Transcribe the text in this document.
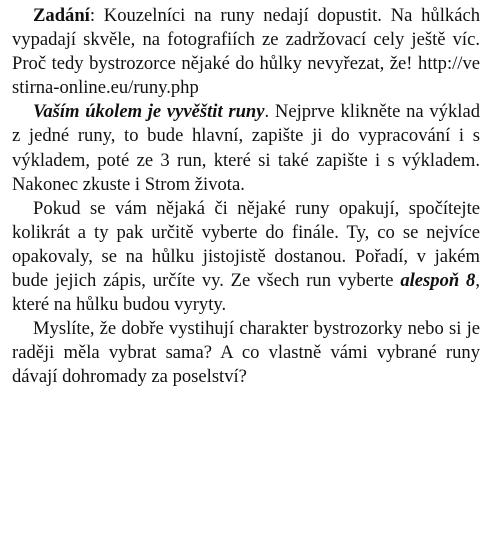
Zadání: Kouzelníci na runy nedají dopustit. Na hůlkách vypadají skvěle, na fotografiích ze zadržovací cely ještě víc. Proč tedy bystrozorce nějaké do hůlky nevyřezat, že! http://vestirna-online.eu/runy.php

Vaším úkolem je vyvěštit runy. Nejprve klikněte na výklad z jedné runy, to bude hlavní, zapište ji do vypracování i s výkladem, poté ze 3 run, které si také zapište i s výkladem. Nakonec zkuste i Strom života.

Pokud se vám nějaká či nějaké runy opakují, spočítejte kolikrát a ty pak určitě vyberte do finále. Ty, co se nejvíce opakovaly, se na hůlku jistojistě dostanou. Pořadí, v jakém bude jejich zápis, určíte vy. Ze všech run vyberte alespoň 8, které na hůlku budou vyryty.

Myslíte, že dobře vystihují charakter bystrozorky nebo si je raději měla vybrat sama? A co vlastně vámi vybrané runy dávají dohromady za poselství?
